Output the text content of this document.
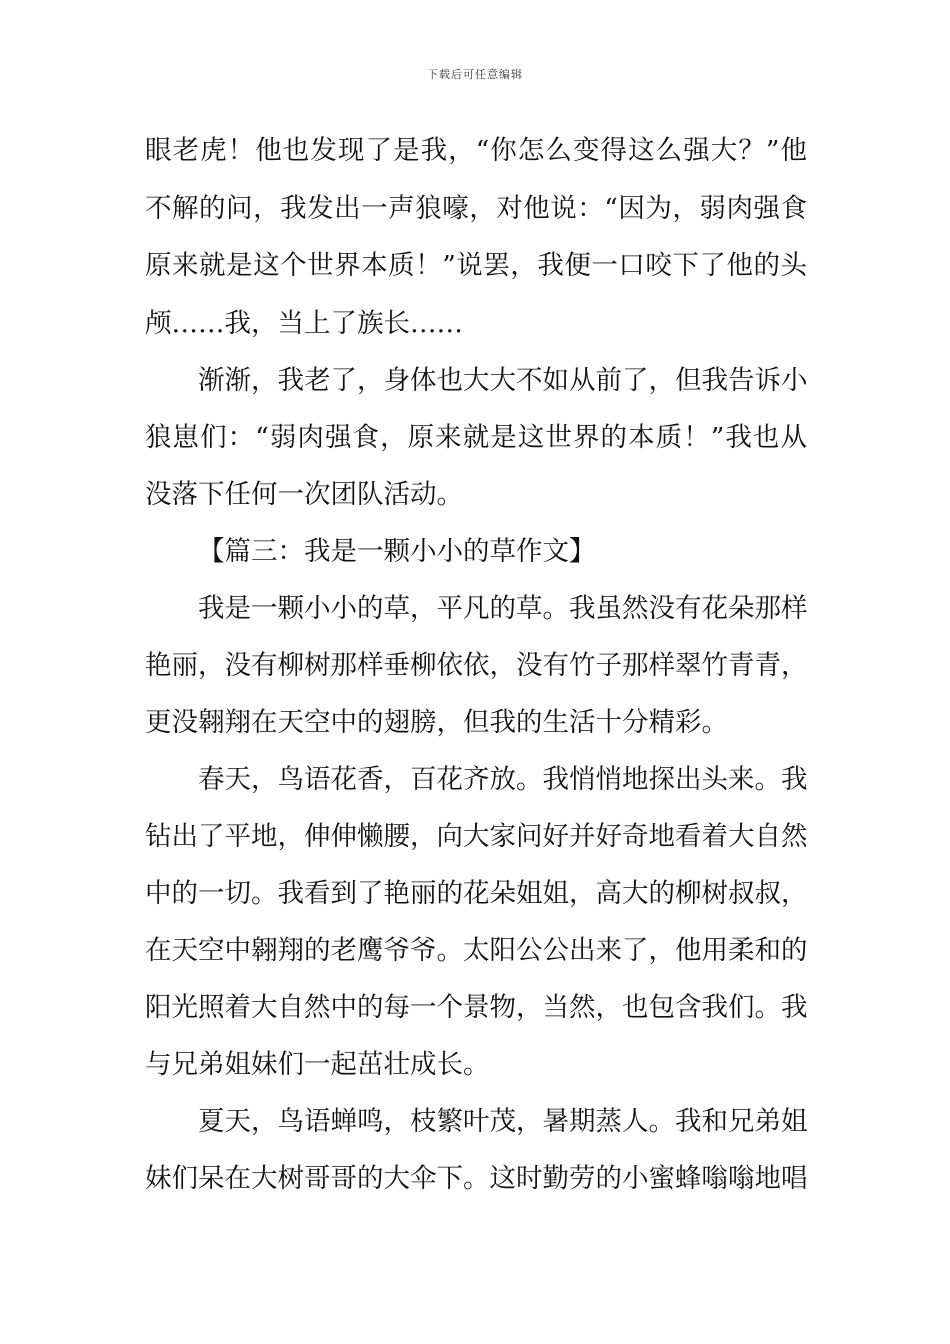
下载后可任意编辑
眼老虎！他也发现了是我，“你怎么变得这么强大？”他
不解的问，我发出一声狼嚎，对他说：“因为，弱肉强食
原来就是这个世界本质！”说罢，我便一口咬下了他的头
颅……我，当上了族长……
渐渐，我老了，身体也大大不如从前了，但我告诉小
狼崽们：“弱肉强食，原来就是这世界的本质！”我也从
没落下任何一次团队活动。
【篇三：我是一颗小小的草作文】
我是一颗小小的草，平凡的草。我虽然没有花朵那样
艳丽，没有柳树那样垂柳依依，没有竹子那样翠竹青青，
更没翱翔在天空中的翅膀，但我的生活十分精彩。
春天，鸟语花香，百花齐放。我悄悄地探出头来。我
钻出了平地，伸伸懒腰，向大家问好并好奇地看着大自然
中的一切。我看到了艳丽的花朵姐姐，高大的柳树叔叔，
在天空中翱翔的老鹰爷爷。太阳公公出来了，他用柔和的
阳光照着大自然中的每一个景物，当然，也包含我们。我
与兄弟姐妹们一起茁壮成长。
夏天，鸟语蝉鸣，枝繁叶茂，暑期蒸人。我和兄弟姐
妹们呆在大树哥哥的大伞下。这时勤劳的小蜜蜂嗡嗡地唱
